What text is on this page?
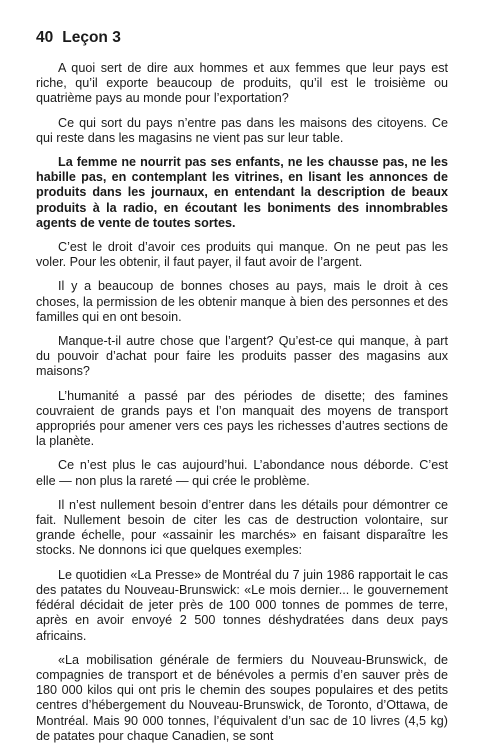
40 Leçon 3

A quoi sert de dire aux hommes et aux femmes que leur pays est riche, qu’il exporte beaucoup de produits, qu’il est le troisième ou quatrième pays au monde pour l’exportation?

Ce qui sort du pays n’entre pas dans les maisons des citoyens. Ce qui reste dans les magasins ne vient pas sur leur table.

La femme ne nourrit pas ses enfants, ne les chausse pas, ne les habille pas, en contemplant les vitrines, en lisant les annonces de produits dans les journaux, en entendant la description de beaux produits à la radio, en écoutant les boniments des innombrables agents de vente de toutes sortes.

C’est le droit d’avoir ces produits qui manque. On ne peut pas les voler. Pour les obtenir, il faut payer, il faut avoir de l’argent.

Il y a beaucoup de bonnes choses au pays, mais le droit à ces choses, la permission de les obtenir manque à bien des personnes et des familles qui en ont besoin.

Manque-t-il autre chose que l’argent? Qu’est-ce qui manque, à part du pouvoir d’achat pour faire les produits passer des magasins aux maisons?

L’humanité a passé par des périodes de disette; des famines couvraient de grands pays et l’on manquait des moyens de transport appropriés pour amener vers ces pays les richesses d’autres sections de la planète.

Ce n’est plus le cas aujourd’hui. L’abondance nous déborde. C’est elle — non plus la rareté — qui crée le problème.

Il n’est nullement besoin d’entrer dans les détails pour démontrer ce fait. Nullement besoin de citer les cas de destruction volontaire, sur grande échelle, pour «assainir les marchés» en faisant disparaître les stocks. Ne donnons ici que quelques exemples:

Le quotidien «La Presse» de Montréal du 7 juin 1986 rapportait le cas des patates du Nouveau-Brunswick: «Le mois dernier... le gouvernement fédéral décidait de jeter près de 100 000 tonnes de pommes de terre, après en avoir envoyé 2 500 tonnes déshydratées dans deux pays africains.

«La mobilisation générale de fermiers du Nouveau-Brunswick, de compagnies de transport et de bénévoles a permis d’en sauver près de 180 000 kilos qui ont pris le chemin des soupes populaires et des petits centres d’hébergement du Nouveau-Brunswick, de Toronto, d’Ottawa, de Montréal. Mais 90 000 tonnes, l’équivalent d’un sac de 10 livres (4,5 kg) de patates pour chaque Canadien, se sont
